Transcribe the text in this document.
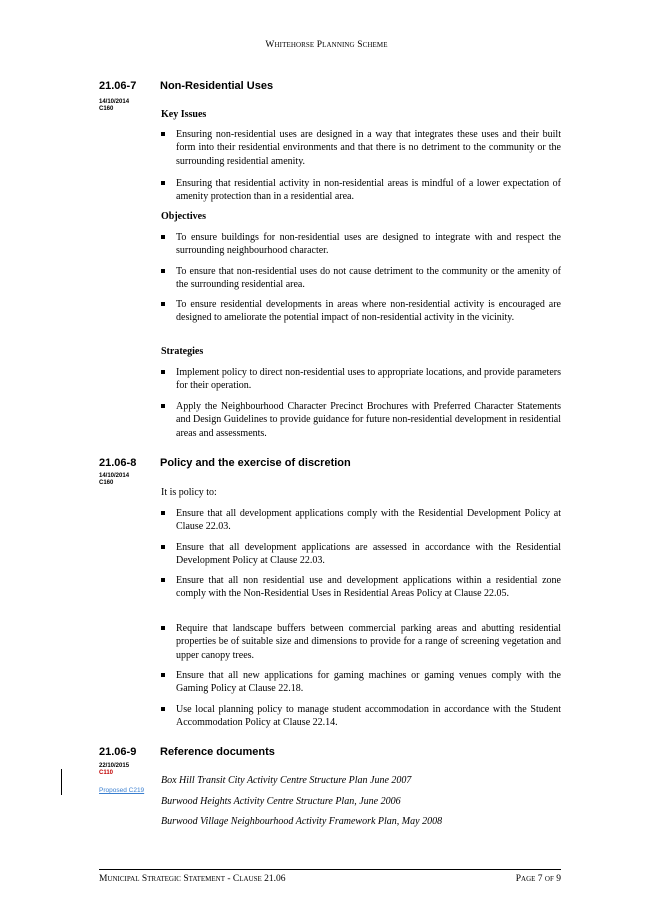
Whitehorse Planning Scheme
21.06-7 Non-Residential Uses
14/10/2014
C160	Key Issues
Ensuring non-residential uses are designed in a way that integrates these uses and their built form into their residential environments and that there is no detriment to the community or the surrounding residential amenity.
Ensuring that residential activity in non-residential areas is mindful of a lower expectation of amenity protection than in a residential area.
Objectives
To ensure buildings for non-residential uses are designed to integrate with and respect the surrounding neighbourhood character.
To ensure that non-residential uses do not cause detriment to the community or the amenity of the surrounding residential area.
To ensure residential developments in areas where non-residential activity is encouraged are designed to ameliorate the potential impact of non-residential activity in the vicinity.
Strategies
Implement policy to direct non-residential uses to appropriate locations, and provide parameters for their operation.
Apply the Neighbourhood Character Precinct Brochures with Preferred Character Statements and Design Guidelines to provide guidance for future non-residential development in residential areas and assessments.
21.06-8 Policy and the exercise of discretion
14/10/2014
C160
It is policy to:
Ensure that all development applications comply with the Residential Development Policy at Clause 22.03.
Ensure that all development applications are assessed in accordance with the Residential Development Policy at Clause 22.03.
Ensure that all non residential use and development applications within a residential zone comply with the Non-Residential Uses in Residential Areas Policy at Clause 22.05.
Require that landscape buffers between commercial parking areas and abutting residential properties be of suitable size and dimensions to provide for a range of screening vegetation and upper canopy trees.
Ensure that all new applications for gaming machines or gaming venues comply with the Gaming Policy at Clause 22.18.
Use local planning policy to manage student accommodation in accordance with the Student Accommodation Policy at Clause 22.14.
21.06-9 Reference documents
22/10/2015
C110
Proposed C219
Box Hill Transit City Activity Centre Structure Plan June 2007
Burwood Heights Activity Centre Structure Plan, June 2006
Burwood Village Neighbourhood Activity Framework Plan, May 2008
Municipal Strategic Statement - Clause 21.06	Page 7 of 9
